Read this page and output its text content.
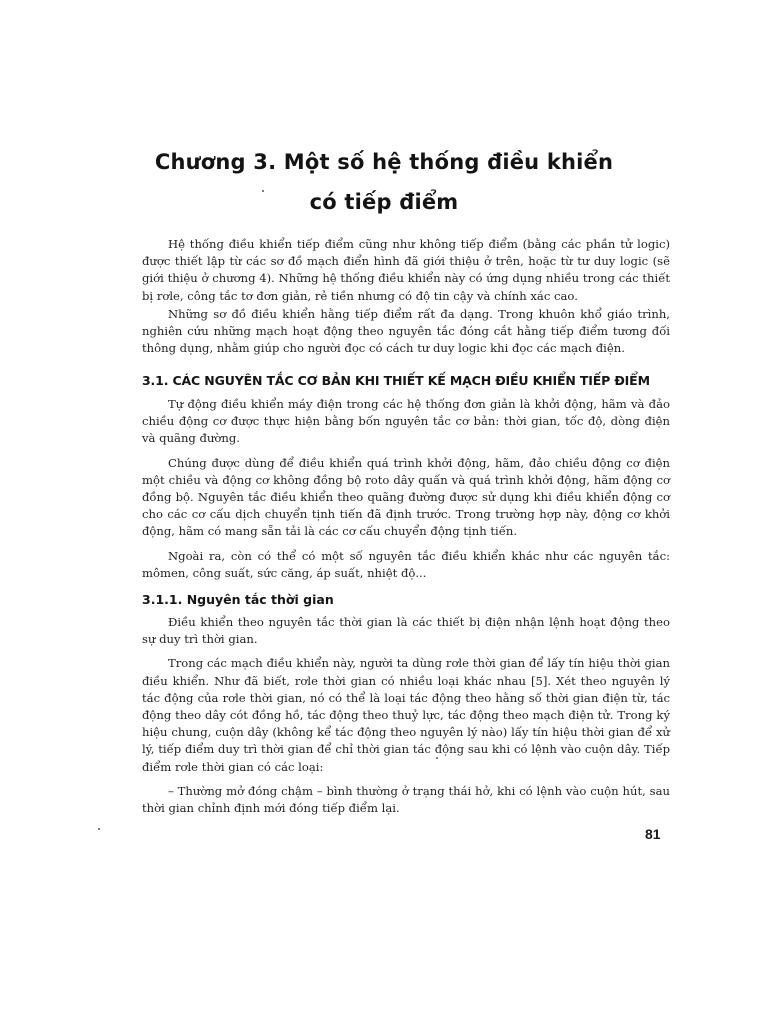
Chương 3. Một số hệ thống điều khiển
có tiếp điểm

Hệ thống điều khiển tiếp điểm cũng như không tiếp điểm (bằng các phần tử logic) được thiết lập từ các sơ đồ mạch điển hình đã giới thiệu ở trên, hoặc từ tư duy logic (sẽ giới thiệu ở chương 4). Những hệ thống điều khiển này có ứng dụng nhiều trong các thiết bị rơle, công tắc tơ đơn giản, rẻ tiền nhưng có độ tin cậy và chính xác cao.

Những sơ đồ điều khiển hằng tiếp điểm rất đa dạng. Trong khuôn khổ giáo trình, nghiên cứu những mạch hoạt động theo nguyên tắc đóng cắt hằng tiếp điểm tương đối thông dụng, nhằm giúp cho người đọc có cách tư duy logic khi đọc các mạch điện.

3.1. CÁC NGUYÊN TẮC CƠ BẢN KHI THIẾT KẾ MẠCH ĐIỀU KHIỂN TIẾP ĐIỂM

Tự động điều khiển máy điện trong các hệ thống đơn giản là khởi động, hãm và đảo chiều động cơ được thực hiện bằng bốn nguyên tắc cơ bản: thời gian, tốc độ, dòng điện và quãng đường.

Chúng được dùng để điều khiển quá trình khởi động, hãm, đảo chiều động cơ điện một chiều và động cơ không đồng bộ roto dây quấn và quá trình khởi động, hãm động cơ đồng bộ. Nguyên tắc điều khiển theo quãng đường được sử dụng khi điều khiển động cơ cho các cơ cấu dịch chuyển tịnh tiến đã định trước. Trong trường hợp này, động cơ khởi động, hãm có mang sẵn tải là các cơ cấu chuyển động tịnh tiến.

Ngoài ra, còn có thể có một số nguyên tắc điều khiển khác như các nguyên tắc: mômen, công suất, sức căng, áp suất, nhiệt độ...

3.1.1. Nguyên tắc thời gian

Điều khiển theo nguyên tắc thời gian là các thiết bị điện nhận lệnh hoạt động theo sự duy trì thời gian.

Trong các mạch điều khiển này, người ta dùng rơle thời gian để lấy tín hiệu thời gian điều khiển. Như đã biết, rơle thời gian có nhiều loại khác nhau [5]. Xét theo nguyên lý tác động của rơle thời gian, nó có thể là loại tác động theo hằng số thời gian điện từ, tác động theo dây cót đồng hồ, tác động theo thuỷ lực, tác động theo mạch điện tử. Trong ký hiệu chung, cuộn dây (không kể tác động theo nguyên lý nào) lấy tín hiệu thời gian để xử lý, tiếp điểm duy trì thời gian để chỉ thời gian tác động sau khi có lệnh vào cuộn dây. Tiếp điểm rơle thời gian có các loại:

– Thường mở đóng chậm – bình thường ở trạng thái hở, khi có lệnh vào cuộn hút, sau thời gian chỉnh định mới đóng tiếp điểm lại.

81
